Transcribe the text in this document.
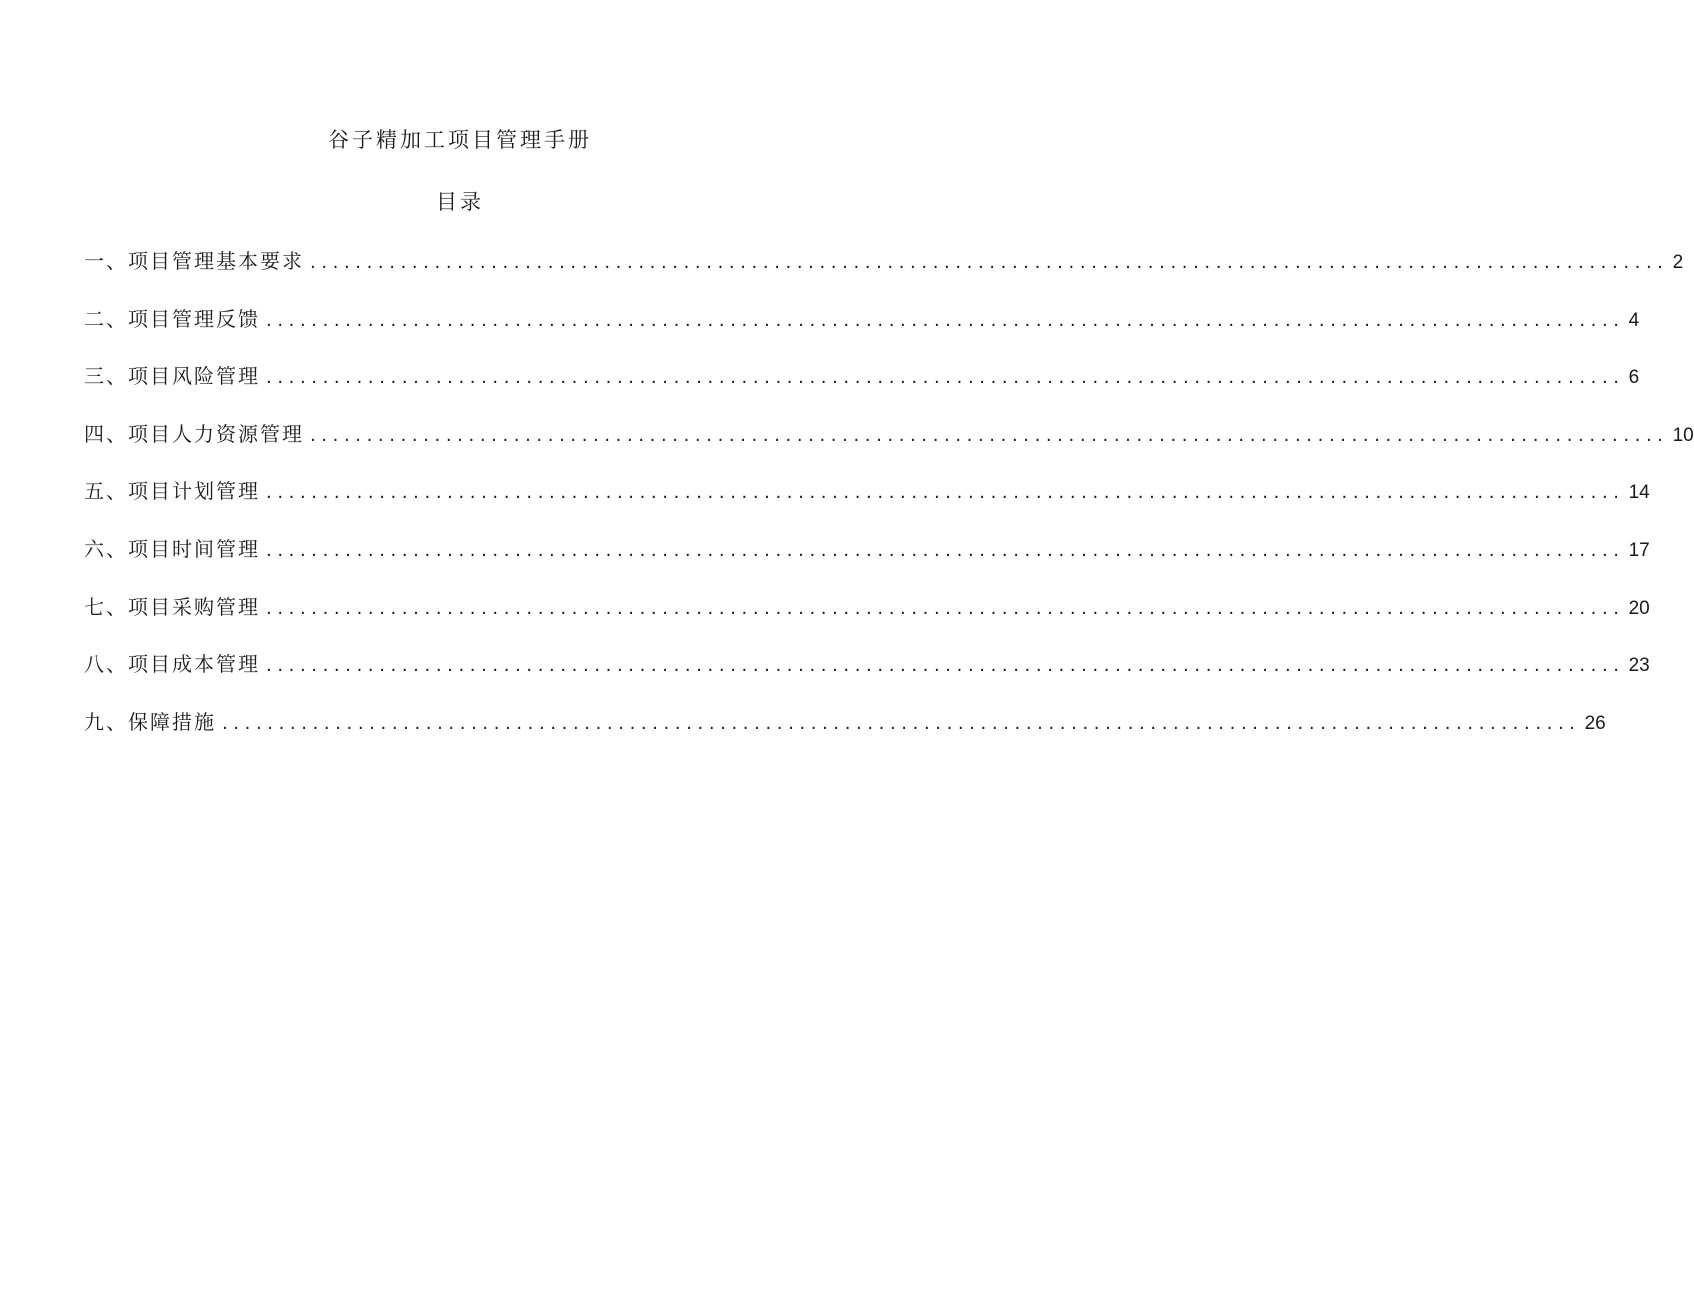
谷子精加工项目管理手册
目录
一、项目管理基本要求 ........................................................................................................................ 2
二、项目管理反馈 ........................................................................................................................ 4
三、项目风险管理 ........................................................................................................................ 6
四、项目人力资源管理 ........................................................................................................................ 10
五、项目计划管理 ........................................................................................................................ 14
六、项目时间管理 ........................................................................................................................ 17
七、项目采购管理 ........................................................................................................................ 20
八、项目成本管理 ........................................................................................................................ 23
九、保障措施 ........................................................................................................................ 26
